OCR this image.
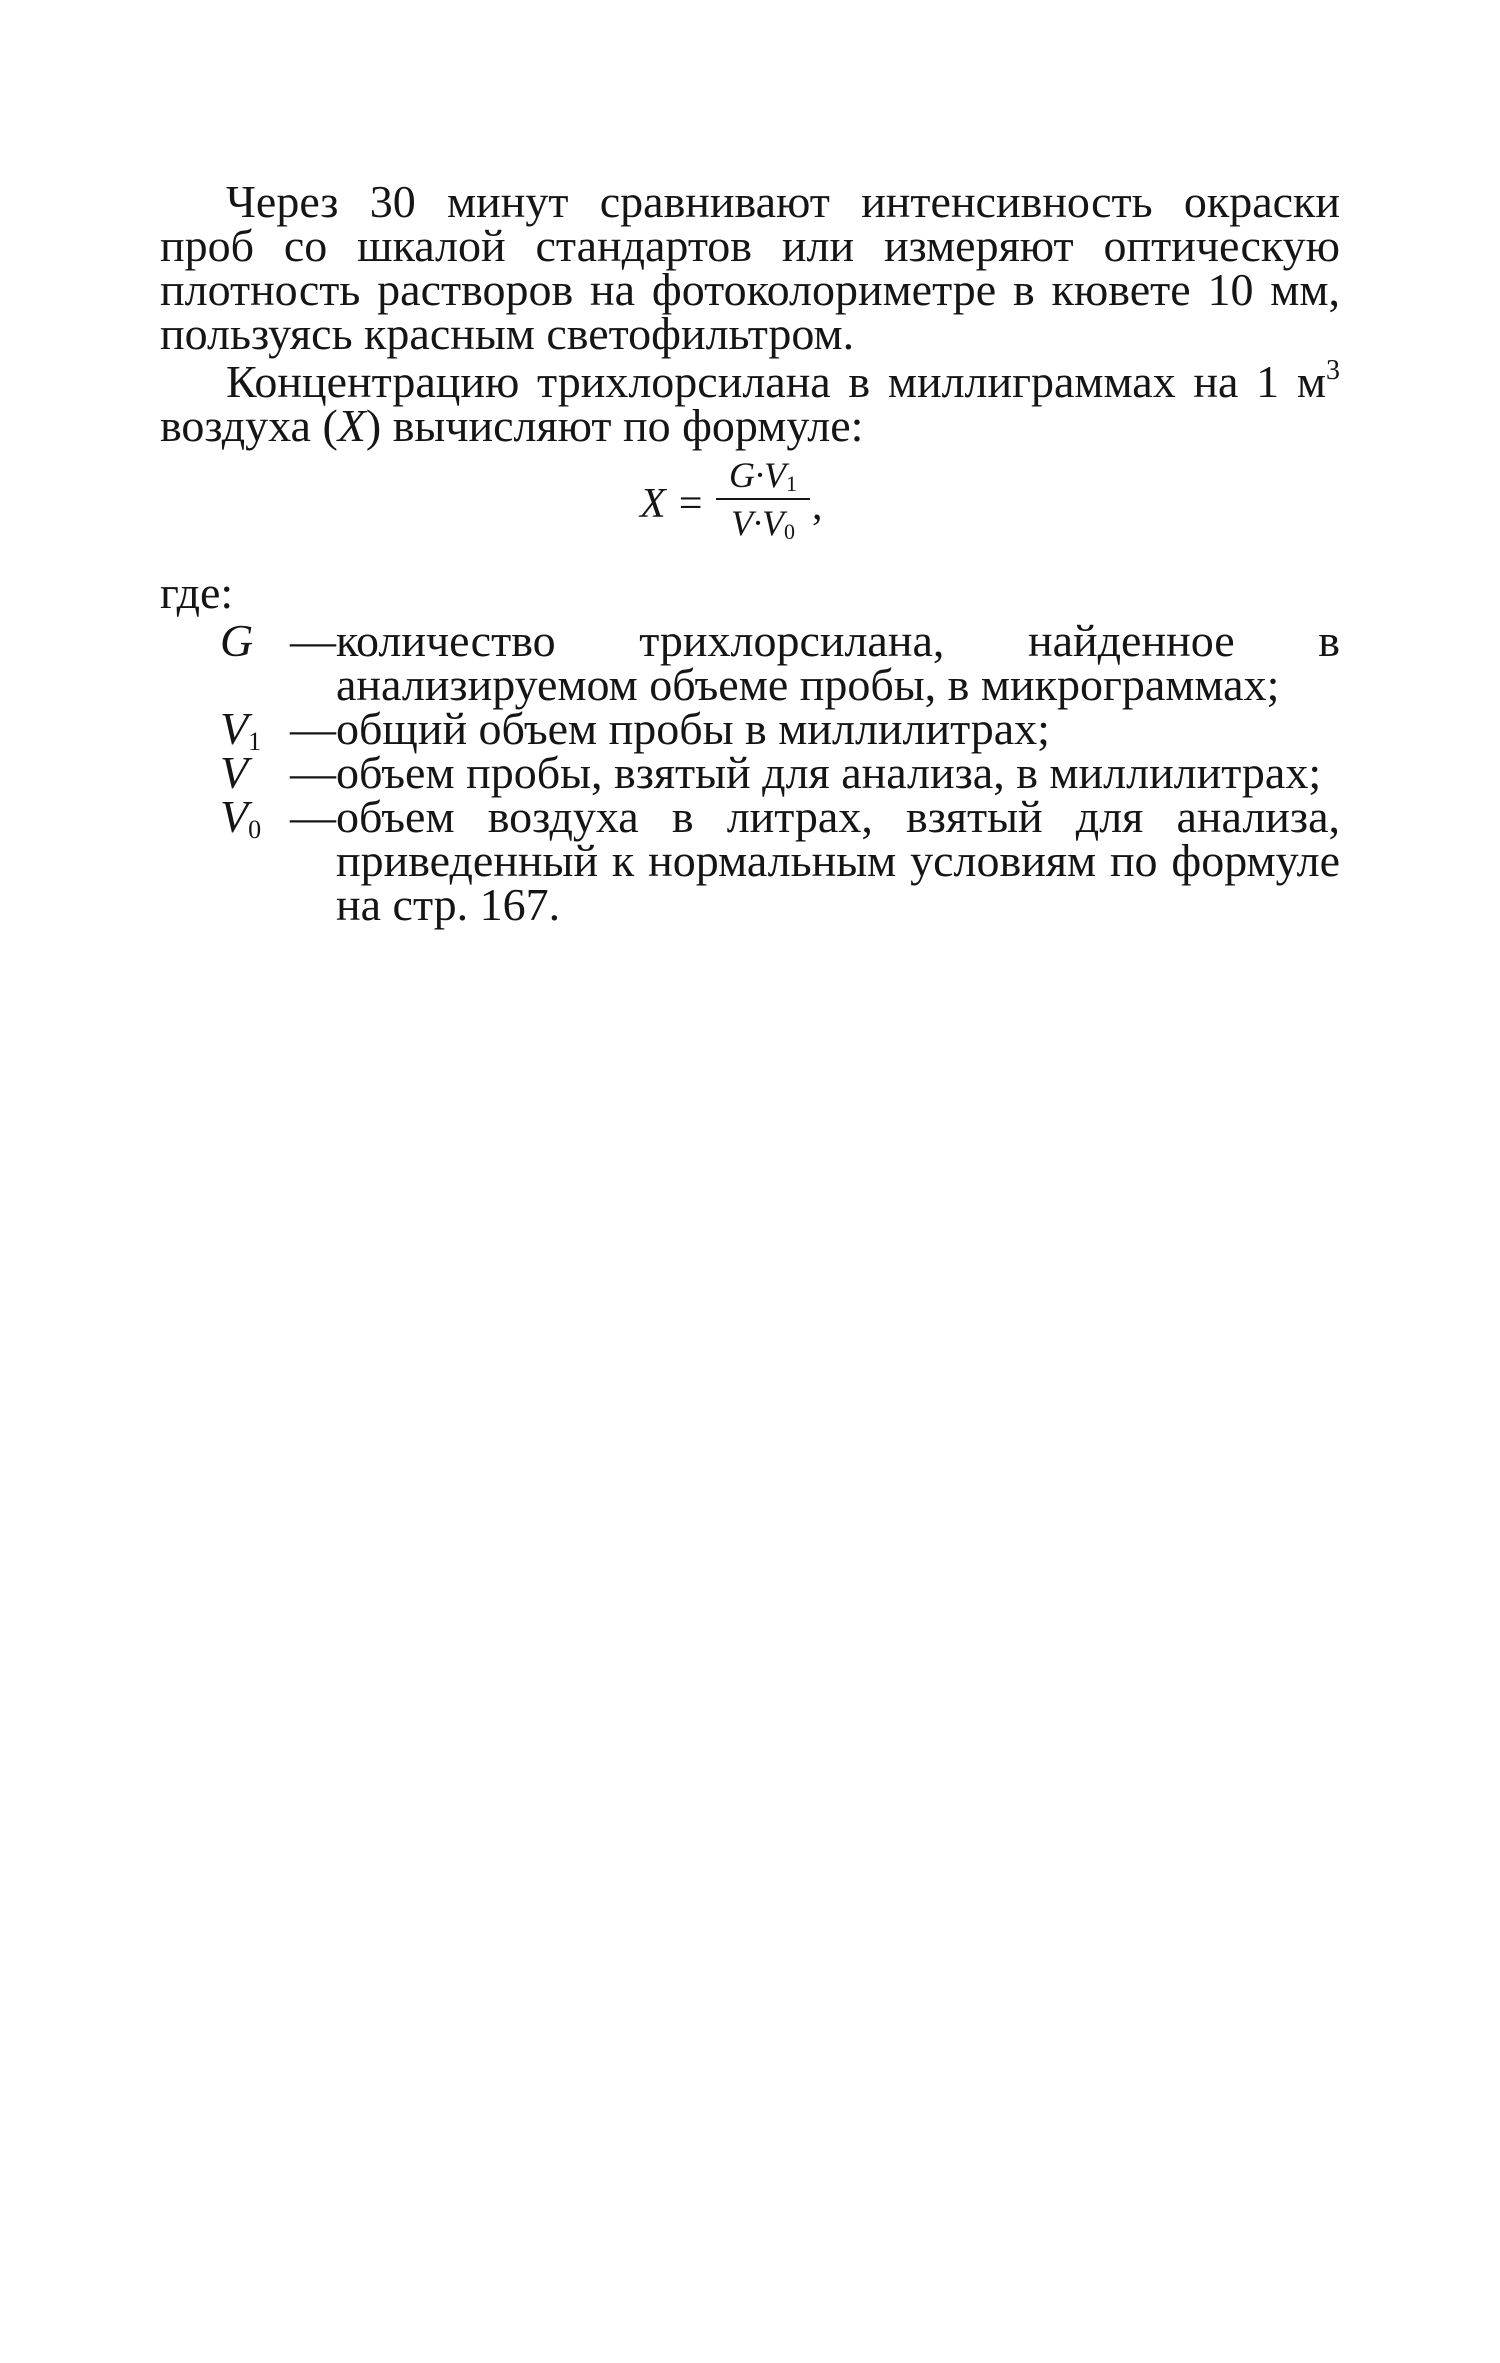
Через 30 минут сравнивают интенсивность окраски проб со шкалой стандартов или измеряют оптическую плотность растворов на фотоколориметре в кювете 10 мм, пользуясь красным светофильтром.

Концентрацию трихлорсилана в миллиграммах на 1 $м^3$ воздуха (X) вычисляют по формуле:

X =
$G\cdot V_1$
$V\cdot V_0$
,
где:
G — количество трихлорсилана, найденное в анализируемом объеме пробы, в микрограммах;
$V_1$ — общий объем пробы в миллилитрах;
V — объем пробы, взятый для анализа, в миллилитрах;
$V_0$ — объем воздуха в литрах, взятый для анализа, приведенный к нормальным условиям по формуле на стр. 167.
